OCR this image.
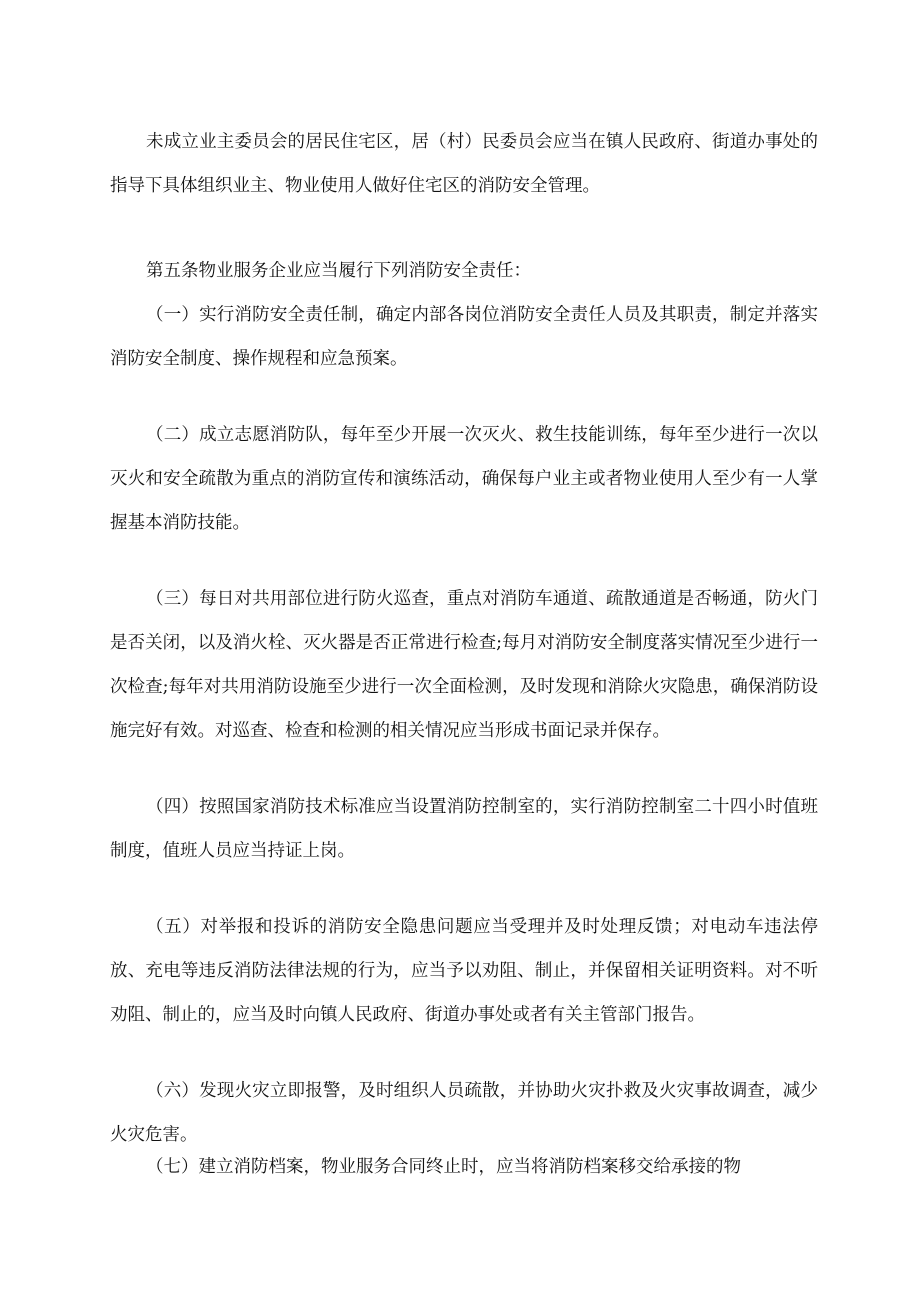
未成立业主委员会的居民住宅区，居（村）民委员会应当在镇人民政府、街道办事处的指导下具体组织业主、物业使用人做好住宅区的消防安全管理。

第五条物业服务企业应当履行下列消防安全责任：

（一）实行消防安全责任制，确定内部各岗位消防安全责任人员及其职责，制定并落实消防安全制度、操作规程和应急预案。

（二）成立志愿消防队，每年至少开展一次灭火、救生技能训练，每年至少进行一次以灭火和安全疏散为重点的消防宣传和演练活动，确保每户业主或者物业使用人至少有一人掌握基本消防技能。

（三）每日对共用部位进行防火巡查，重点对消防车通道、疏散通道是否畅通，防火门是否关闭，以及消火栓、灭火器是否正常进行检查;每月对消防安全制度落实情况至少进行一次检查;每年对共用消防设施至少进行一次全面检测，及时发现和消除火灾隐患，确保消防设施完好有效。对巡查、检查和检测的相关情况应当形成书面记录并保存。

（四）按照国家消防技术标准应当设置消防控制室的，实行消防控制室二十四小时值班制度，值班人员应当持证上岗。

（五）对举报和投诉的消防安全隐患问题应当受理并及时处理反馈；对电动车违法停放、充电等违反消防法律法规的行为，应当予以劝阻、制止，并保留相关证明资料。对不听劝阻、制止的，应当及时向镇人民政府、街道办事处或者有关主管部门报告。

（六）发现火灾立即报警，及时组织人员疏散，并协助火灾扑救及火灾事故调查，减少火灾危害。

（七）建立消防档案，物业服务合同终止时，应当将消防档案移交给承接的物
